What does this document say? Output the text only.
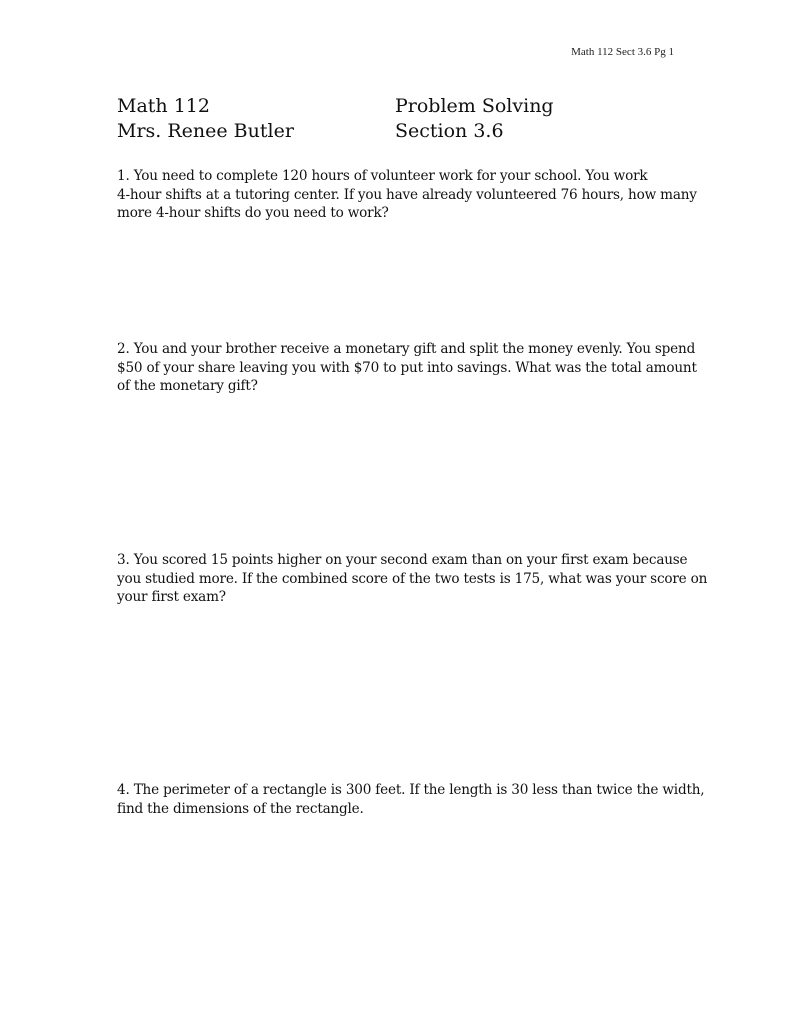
Math 112 Sect 3.6 Pg 1
Math 112	Problem Solving
Mrs. Renee Butler	Section 3.6
1. You need to complete 120 hours of volunteer work for your school. You work
4-hour shifts at a tutoring center. If you have already volunteered 76 hours, how many
more 4-hour shifts do you need to work?
2. You and your brother receive a monetary gift and split the money evenly. You spend
$50 of your share leaving you with $70 to put into savings. What was the total amount
of the monetary gift?
3. You scored 15 points higher on your second exam than on your first exam because
you studied more. If the combined score of the two tests is 175, what was your score on
your first exam?
4. The perimeter of a rectangle is 300 feet. If the length is 30 less than twice the width,
find the dimensions of the rectangle.
